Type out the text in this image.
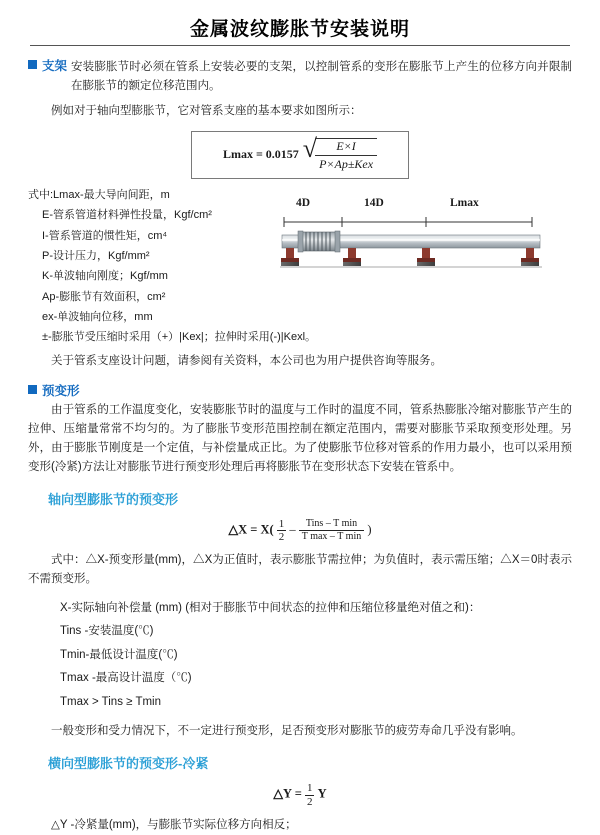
金属波纹膨胀节安装说明
支架 安装膨胀节时必须在管系上安装必要的支架，以控制管系的变形在膨胀节上产生的位移方向并限制在膨胀节的额定位移范围内。
例如对于轴向型膨胀节，它对管系支座的基本要求如图所示：
Lmax = 0.0157 √
$\frac{E\times I}{\text{P×Ap±Kex}}$
式中:Lmax-最大导向间距，m
E-管系管道材料弹性投量，Kgf/cm²
I-管系管道的惯性矩，cm⁴
P-设计压力，Kgf/mm²
K-单波轴向刚度；Kgf/mm
Ap-膨胀节有效面积，cm²
ex-单波轴向位移，mm
±-膨胀节受压缩时采用（+）|Kex|；拉伸时采用(-)|Kexl。
4D	14D	Lmax
关于管系支座设计问题，请参阅有关资料，本公司也为用户提供咨询等服务。
预变形
由于管系的工作温度变化，安装膨胀节时的温度与工作时的温度不同，管系热膨胀冷缩对膨胀节产生的拉伸、压缩量常常不均匀的。为了膨胀节变形范围控制在额定范围内，需要对膨胀节采取预变形处理。另外，由于膨胀节刚度是一个定值，与补偿量成正比。为了使膨胀节位移对管系的作用力最小，也可以采用预变形(冷紧)方法让对膨胀节进行预变形处理后再将膨胀节在变形状态下安装在管系中。
轴向型膨胀节的预变形
△X = $X( \frac{1}{2}$ –	Tins – T min
T max – T min
)
式中：△X-预变形量(mm)，△X为正值时，表示膨胀节需拉伸；为负值时，表示需压缩；△X＝0时表示不需预变形。
X-实际轴向补偿量 (mm) (相对于膨胀节中间状态的拉伸和压缩位移量绝对值之和)：
Tins -安装温度(℃)
Tmin-最低设计温度(℃)
Tmax -最高设计温度（℃)
Tmax > Tins ≥ Tmin
一般变形和受力情况下，不一定进行预变形，足否预变形对膨胀节的疲劳寿命几乎没有影响。
横向型膨胀节的预变形-冷紧
△Y = $\frac{1}{2}$ Y
△Y -冷紧量(mm)，与膨胀节实际位移方向相反；
